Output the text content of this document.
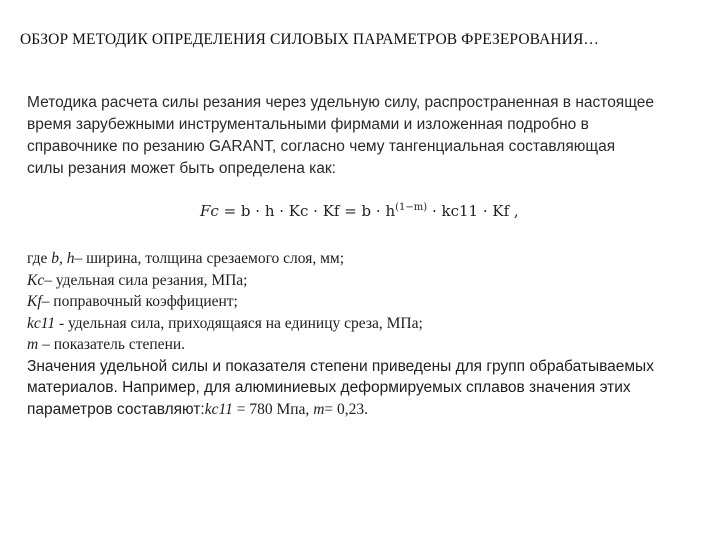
ОБЗОР МЕТОДИК ОПРЕДЕЛЕНИЯ СИЛОВЫХ ПАРАМЕТРОВ ФРЕЗЕРОВАНИЯ…

Методика расчета силы резания через удельную силу, распространенная в настоящее

время зарубежными инструментальными фирмами и изложенная подробно в

справочнике по резанию GARANT, согласно чему тангенциальная составляющая

силы резания может быть определена как:

$Fc = b \cdot h \cdot Kc \cdot Kf = b \cdot h^{(1-m)} \cdot kc11 \cdot Kf$ ,
где b, h– ширина, толщина срезаемого слоя, мм;
Kc– удельная сила резания, МПа;
Kf– поправочный коэффициент;
kc11 - удельная сила, приходящаяся на единицу среза, МПа;
m – показатель степени.
Значения удельной силы и показателя степени приведены для групп обрабатываемых
материалов. Например, для алюминиевых деформируемых сплавов значения этих
параметров составляют:kc11 = 780 Мпа, m= 0,23.
